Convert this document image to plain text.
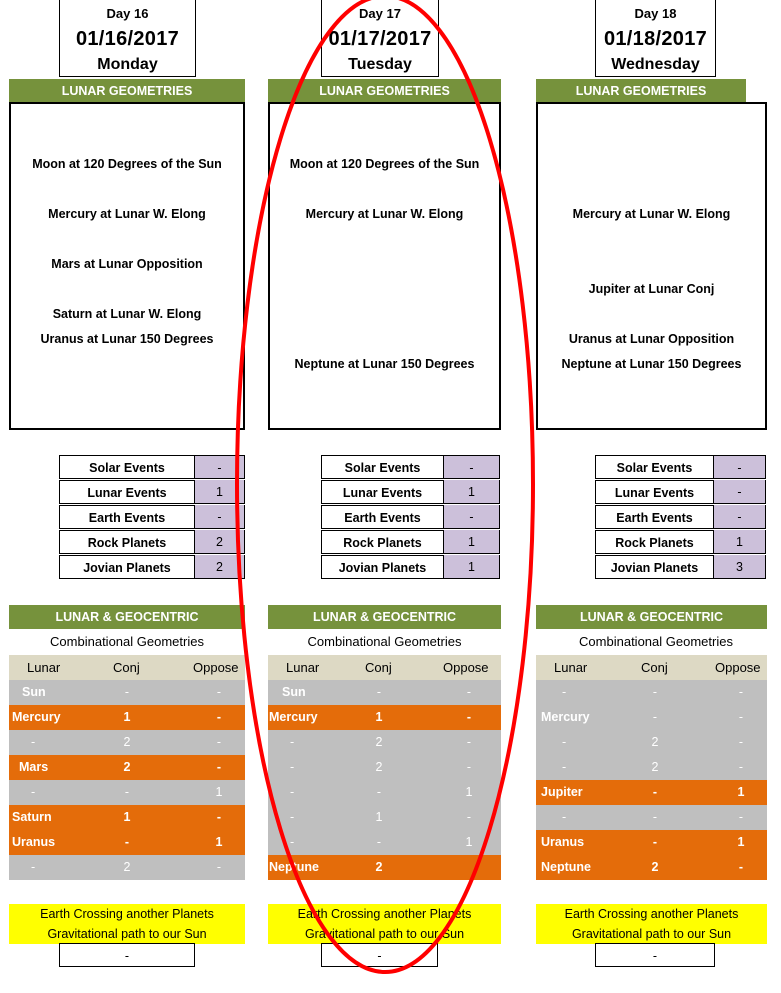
Day 16
01/16/2017
Monday
LUNAR GEOMETRIES
Moon at 120 Degrees of the Sun
Mercury at Lunar W. Elong
Mars at Lunar Opposition
Saturn at Lunar W. Elong
Uranus at Lunar 150 Degrees
Solar Events	-
Lunar Events	1
Earth Events	-
Rock Planets	2
Jovian Planets	2
LUNAR & GEOCENTRIC
Combinational Geometries
Lunar	Conj	Oppose
Sun	-	-
Mercury	1	-
-	2	-
Mars	2	-
-	-	1
Saturn	1	-
Uranus	-	1
-	2	-
Earth Crossing another Planets
Gravitational path to our Sun
-
Day 17
01/17/2017
Tuesday
LUNAR GEOMETRIES
Moon at 120 Degrees of the Sun
Mercury at Lunar W. Elong
Neptune at Lunar 150 Degrees
Solar Events	-
Lunar Events	1
Earth Events	-
Rock Planets	1
Jovian Planets	1
LUNAR & GEOCENTRIC
Combinational Geometries
Lunar	Conj	Oppose
Sun	-	-
Mercury	1	-
-	2	-
-	2	-
-	-	1
-	1	-
-	-	1
Neptune	2
Earth Crossing another Planets
Gravitational path to our Sun
-
Day 18
01/18/2017
Wednesday
LUNAR GEOMETRIES
Mercury at Lunar W. Elong
Jupiter at Lunar Conj
Uranus at Lunar Opposition
Neptune at Lunar 150 Degrees
Solar Events	-
Lunar Events	-
Earth Events	-
Rock Planets	1
Jovian Planets	3
LUNAR & GEOCENTRIC
Combinational Geometries
Lunar	Conj	Oppose
-	-	-
Mercury	-	-
-	2	-
-	2	-
Jupiter	-	1
-	-	-
Uranus	-	1
Neptune	2	-
Earth Crossing another Planets
Gravitational path to our Sun
-
